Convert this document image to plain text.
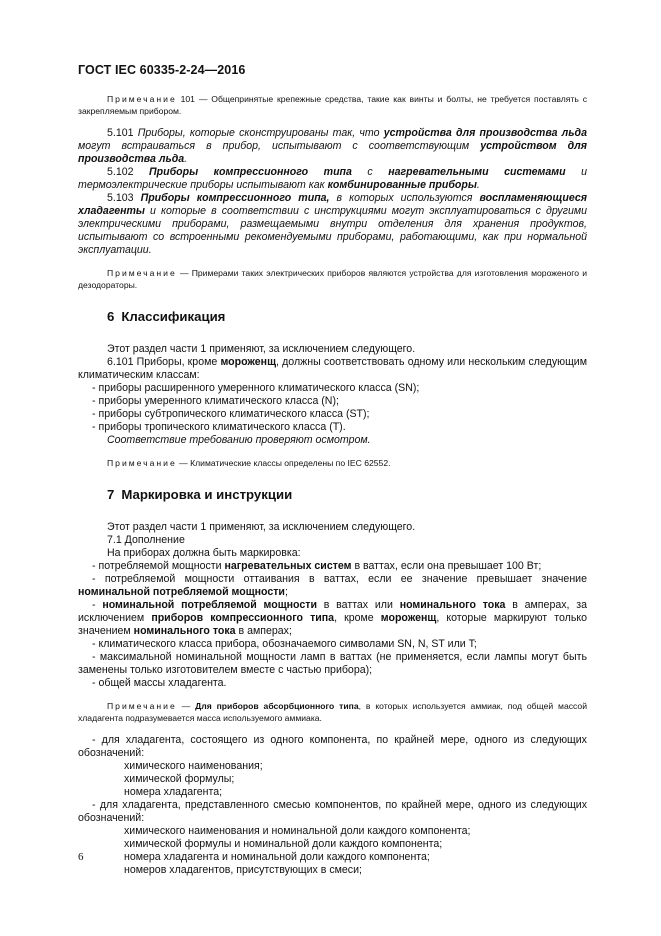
ГОСТ IEC 60335-2-24—2016

Примечание 101 — Общепринятые крепежные средства, такие как винты и болты, не требуется поставлять с закрепляемым прибором.

5.101 Приборы, которые сконструированы так, что устройства для производства льда могут встраиваться в прибор, испытывают с соответствующим устройством для производства льда.

5.102 Приборы компрессионного типа с нагревательными системами и термоэлектрические приборы испытывают как комбинированные приборы.

5.103 Приборы компрессионного типа, в которых используются воспламеняющиеся хладагенты и которые в соответствии с инструкциями могут эксплуатироваться с другими электрическими приборами, размещаемыми внутри отделения для хранения продуктов, испытывают со встроенными рекомендуемыми приборами, работающими, как при нормальной эксплуатации.

Примечание — Примерами таких электрических приборов являются устройства для изготовления мороженого и дезодораторы.

6 Классификация

Этот раздел части 1 применяют, за исключением следующего.

6.101 Приборы, кроме мороженщ, должны соответствовать одному или нескольким следующим климатическим классам:

- приборы расширенного умеренного климатического класса (SN);

- приборы умеренного климатического класса (N);

- приборы субтропического климатического класса (ST);

- приборы тропического климатического класса (T).

Соответствие требованию проверяют осмотром.

Примечание — Климатические классы определены по IEC 62552.

7 Маркировка и инструкции

Этот раздел части 1 применяют, за исключением следующего.

7.1 Дополнение

На приборах должна быть маркировка:

- потребляемой мощности нагревательных систем в ваттах, если она превышает 100 Вт;

- потребляемой мощности оттаивания в ваттах, если ее значение превышает значение номинальной потребляемой мощности;

- номинальной потребляемой мощности в ваттах или номинального тока в амперах, за исключением приборов компрессионного типа, кроме мороженщ, которые маркируют только значением номинального тока в амперах;

- климатического класса прибора, обозначаемого символами SN, N, ST или T;

- максимальной номинальной мощности ламп в ваттах (не применяется, если лампы могут быть заменены только изготовителем вместе с частью прибора);

- общей массы хладагента.

Примечание — Для приборов абсорбционного типа, в которых используется аммиак, под общей массой хладагента подразумевается масса используемого аммиака.

- для хладагента, состоящего из одного компонента, по крайней мере, одного из следующих обозначений:

химического наименования;

химической формулы;

номера хладагента;

- для хладагента, представленного смесью компонентов, по крайней мере, одного из следующих обозначений:

химического наименования и номинальной доли каждого компонента;

химической формулы и номинальной доли каждого компонента;

номера хладагента и номинальной доли каждого компонента;

номеров хладагентов, присутствующих в смеси;

6
